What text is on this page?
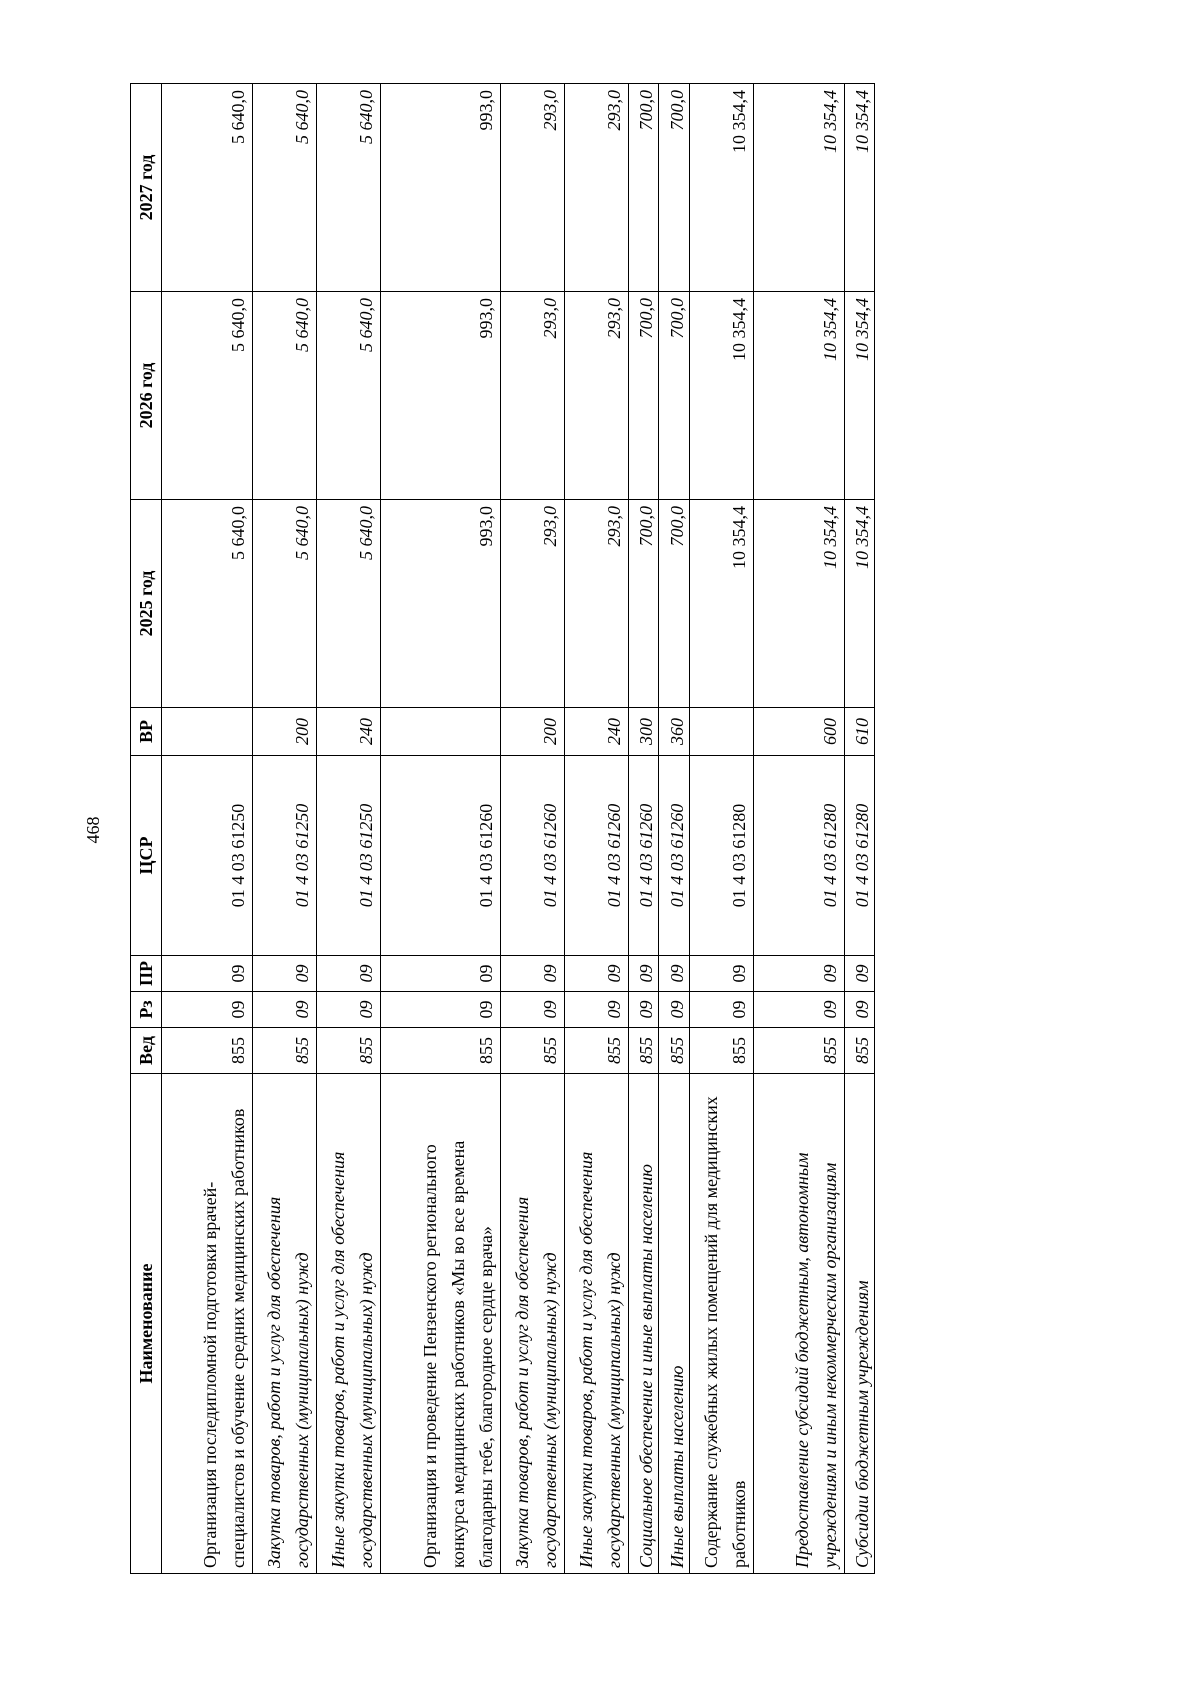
468
Наименование	Вед	Рз	ПР	ЦСР	ВР	2025 год	2026 год	2027 год
Организация последипломной подготовки врачей-специалистов и обучение средних медицинских работников	855	09	09	01 4 03 61250		5 640,0	5 640,0	5 640,0
Закупка товаров, работ и услуг для обеспечения государственных (муниципальных) нужд	855	09	09	01 4 03 61250	200	5 640,0	5 640,0	5 640,0
Иные закупки товаров, работ и услуг для обеспечения государственных (муниципальных) нужд	855	09	09	01 4 03 61250	240	5 640,0	5 640,0	5 640,0
Организация и проведение Пензенского регионального конкурса медицинских работников «Мы во все времена благодарны тебе, благородное сердце врача»	855	09	09	01 4 03 61260		993,0	993,0	993,0
Закупка товаров, работ и услуг для обеспечения государственных (муниципальных) нужд	855	09	09	01 4 03 61260	200	293,0	293,0	293,0
Иные закупки товаров, работ и услуг для обеспечения государственных (муниципальных) нужд	855	09	09	01 4 03 61260	240	293,0	293,0	293,0
Социальное обеспечение и иные выплаты населению	855	09	09	01 4 03 61260	300	700,0	700,0	700,0
Иные выплаты населению	855	09	09	01 4 03 61260	360	700,0	700,0	700,0
Содержание служебных жилых помещений для медицинских работников	855	09	09	01 4 03 61280		10 354,4	10 354,4	10 354,4
Предоставление субсидий бюджетным, автономным учреждениям и иным некоммерческим организациям	855	09	09	01 4 03 61280	600	10 354,4	10 354,4	10 354,4
Субсидии бюджетным учреждениям	855	09	09	01 4 03 61280	610	10 354,4	10 354,4	10 354,4
